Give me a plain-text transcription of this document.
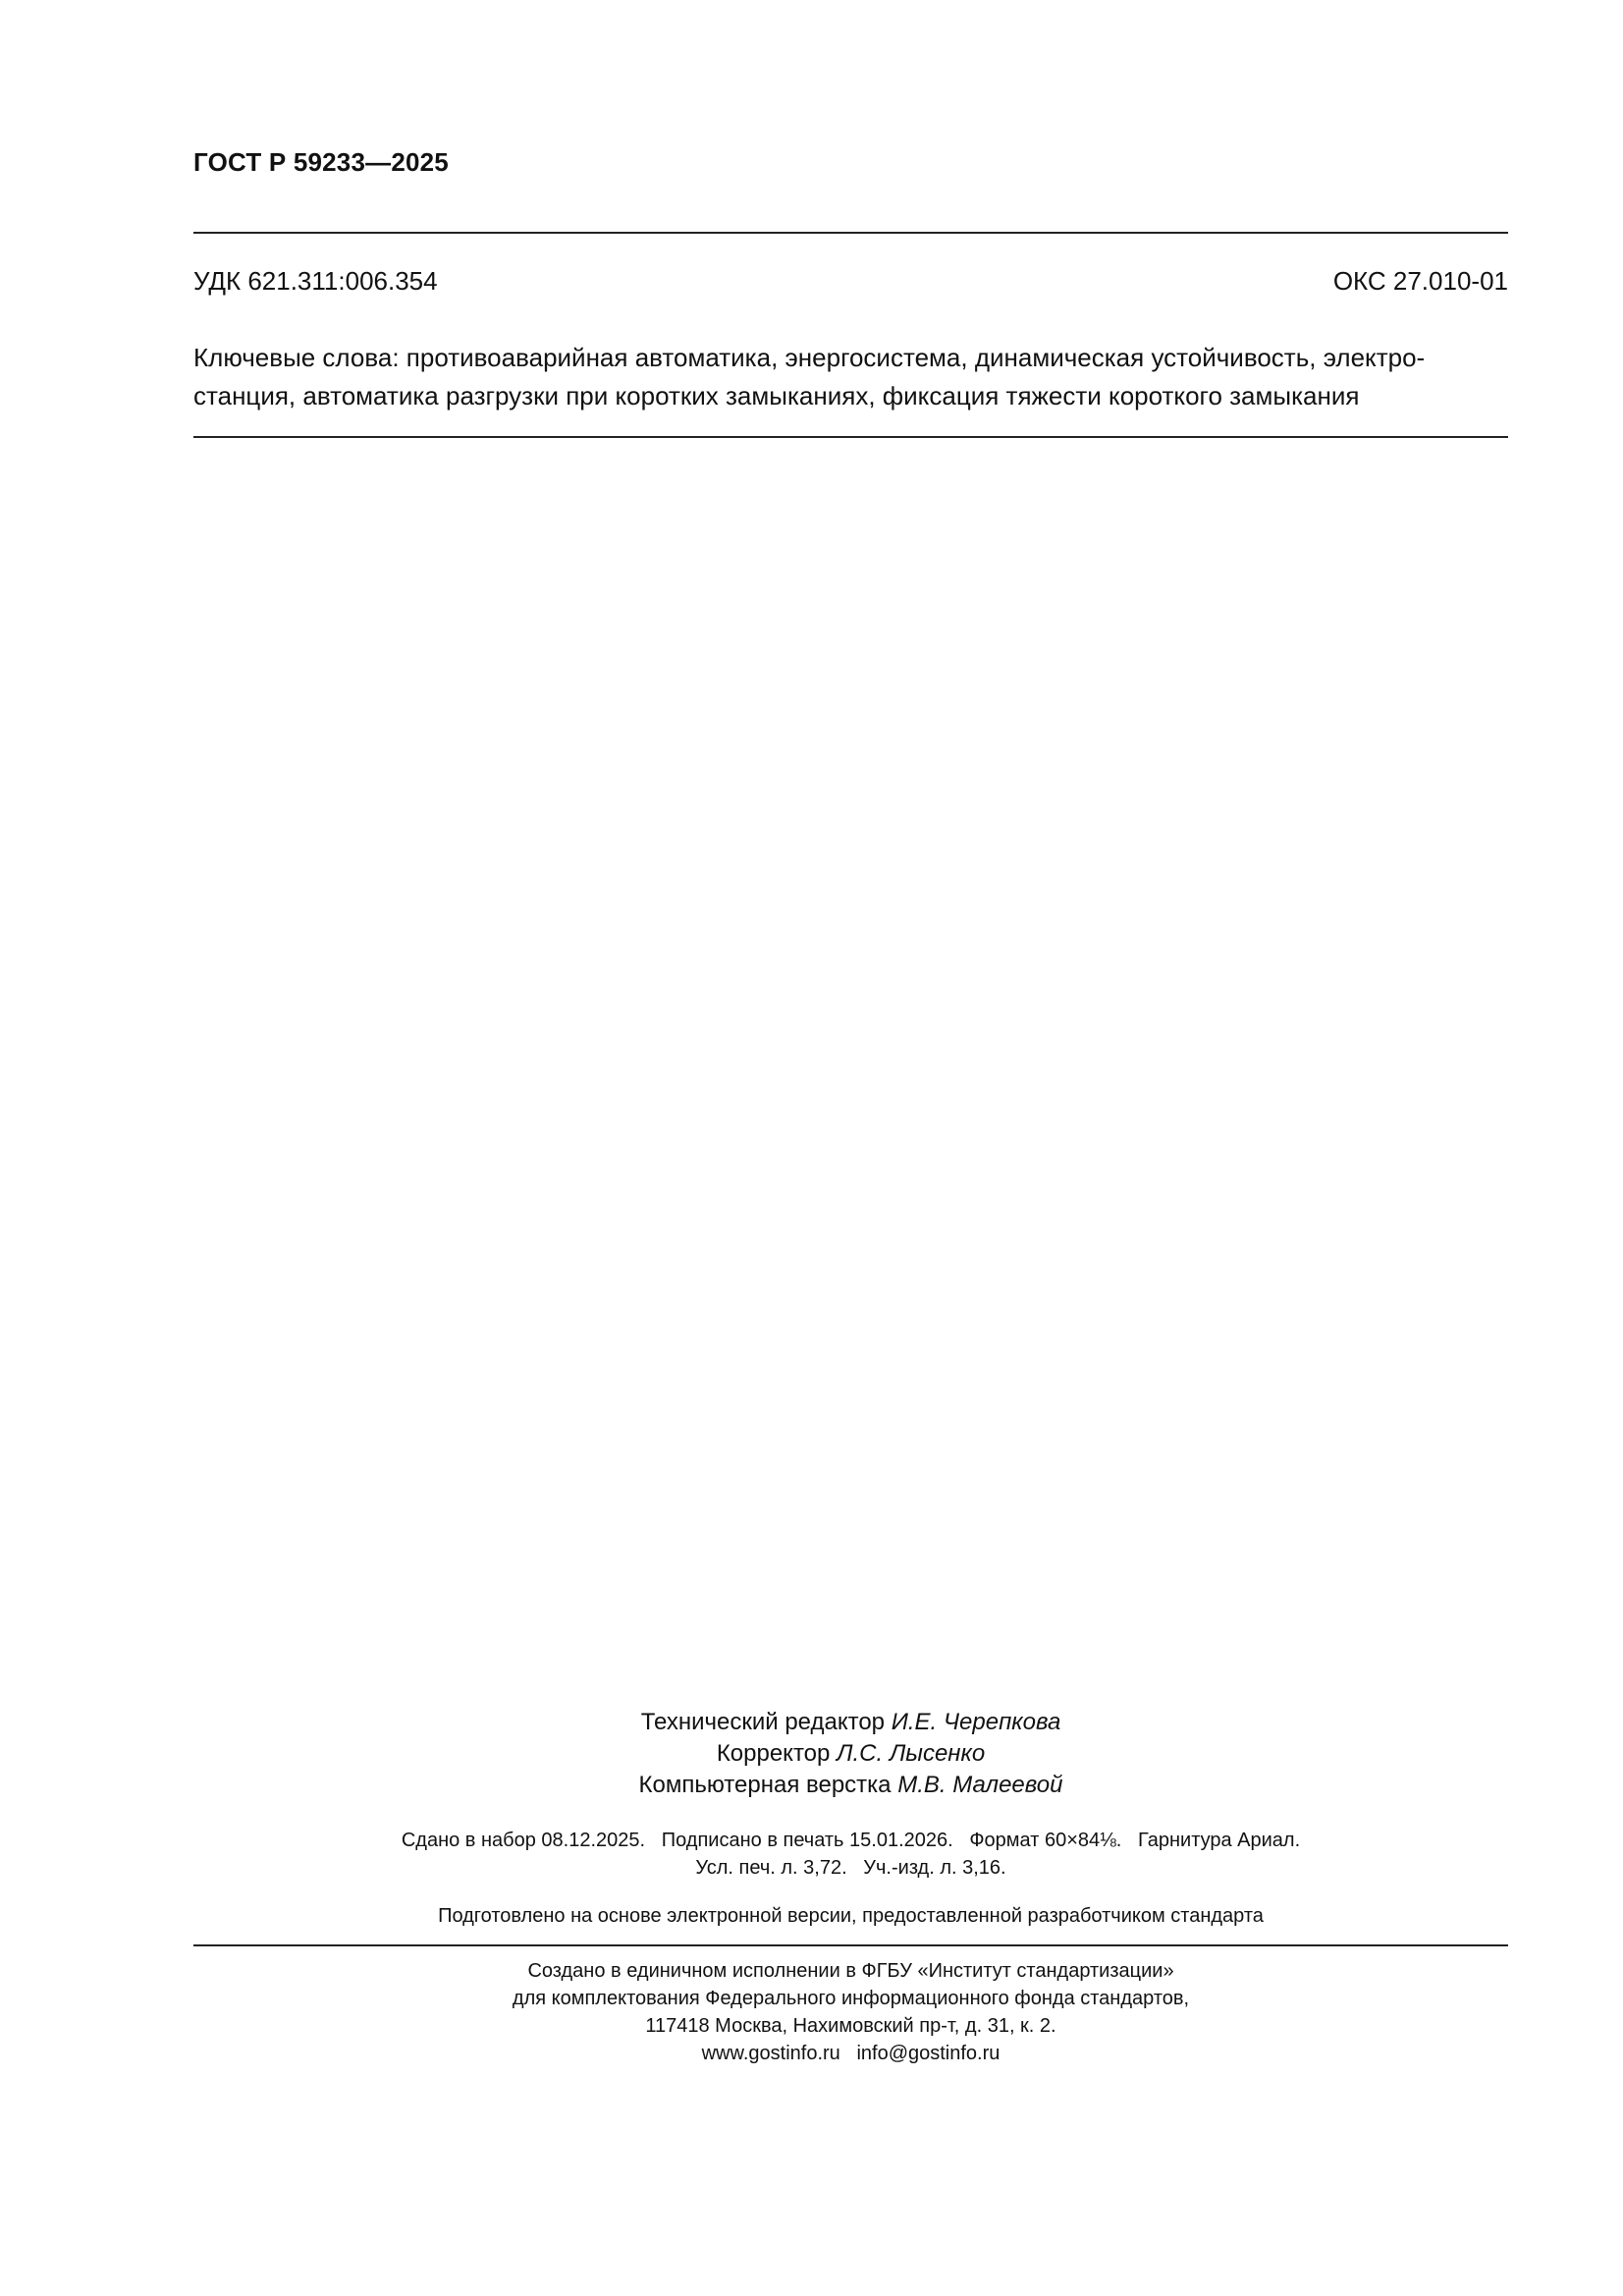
ГОСТ Р 59233—2025
УДК 621.311:006.354	ОКС 27.010-01

Ключевые слова: противоаварийная автоматика, энергосистема, динамическая устойчивость, электро-

станция, автоматика разгрузки при коротких замыканиях, фиксация тяжести короткого замыкания

Технический редактор И.Е. Черепкова
Корректор Л.С. Лысенко
Компьютерная верстка М.В. Малеевой
Сдано в набор 08.12.2025.   Подписано в печать 15.01.2026.   Формат 60×84⅛.   Гарнитура Ариал.
Усл. печ. л. 3,72.   Уч.-изд. л. 3,16.
Подготовлено на основе электронной версии, предоставленной разработчиком стандарта
Создано в единичном исполнении в ФГБУ «Институт стандартизации»
для комплектования Федерального информационного фонда стандартов,
117418 Москва, Нахимовский пр-т, д. 31, к. 2.
www.gostinfo.ru   info@gostinfo.ru
